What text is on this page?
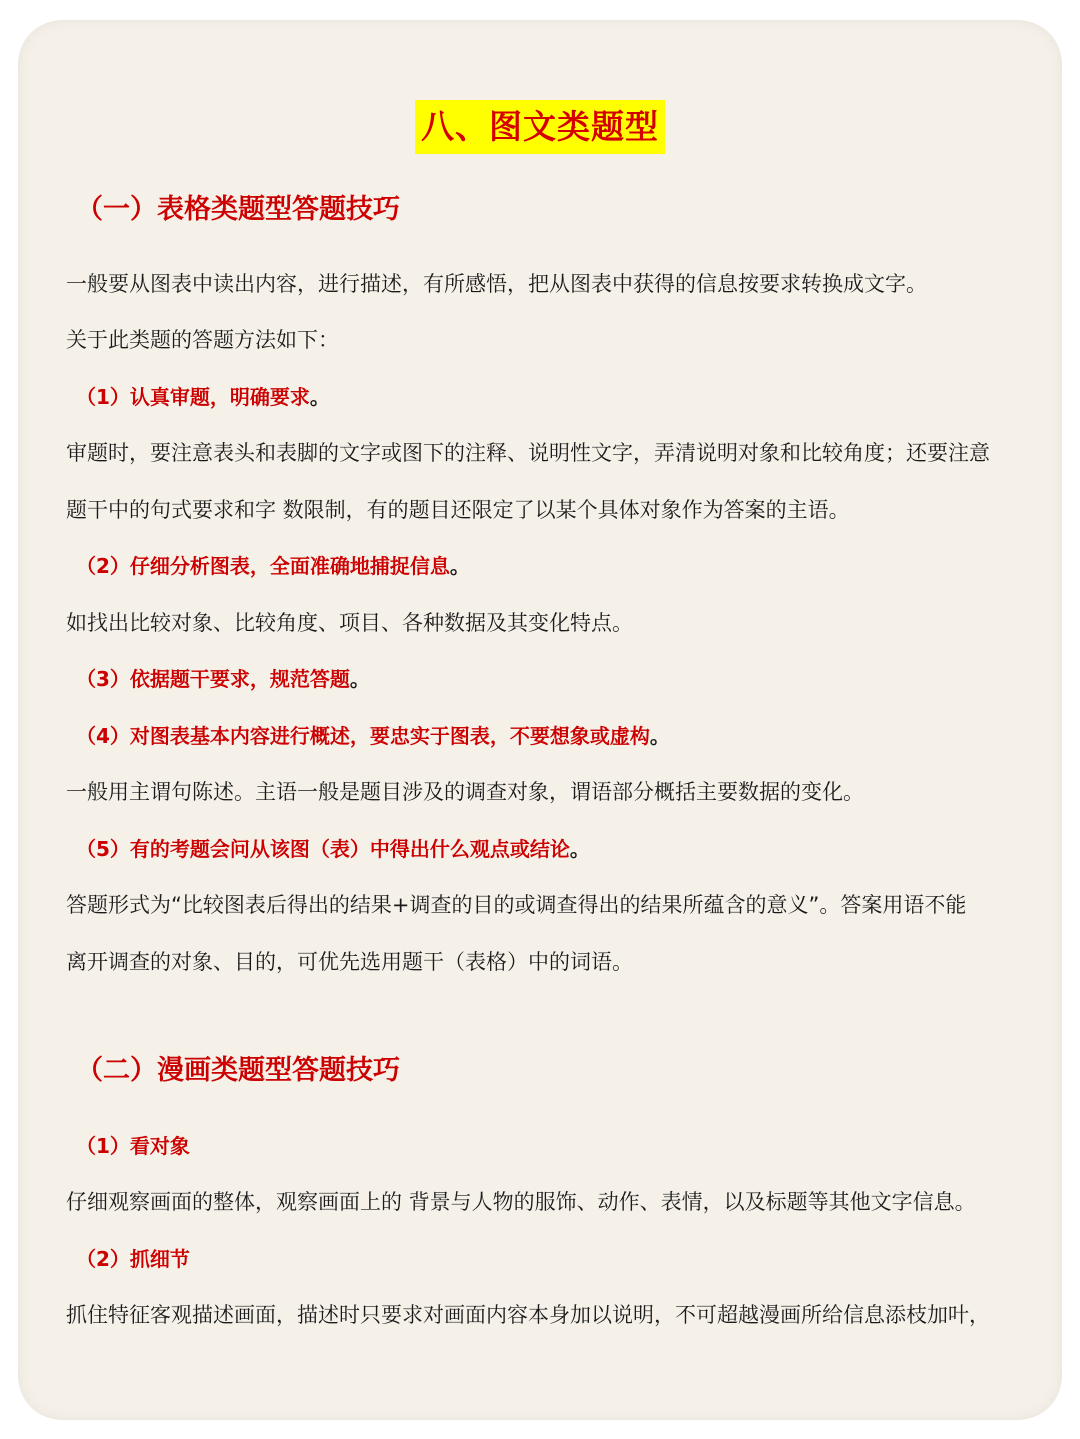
八、图文类题型
（一）表格类题型答题技巧
一般要从图表中读出内容，进行描述，有所感悟，把从图表中获得的信息按要求转换成文字。
关于此类题的答题方法如下：
（1）认真审题，明确要求。
审题时，要注意表头和表脚的文字或图下的注释、说明性文字，弄清说明对象和比较角度；还要注意
题干中的句式要求和字 数限制，有的题目还限定了以某个具体对象作为答案的主语。
（2）仔细分析图表，全面准确地捕捉信息。
如找出比较对象、比较角度、项目、各种数据及其变化特点。
（3）依据题干要求，规范答题。
（4）对图表基本内容进行概述，要忠实于图表，不要想象或虚构。
一般用主谓句陈述。主语一般是题目涉及的调查对象，谓语部分概括主要数据的变化。
（5）有的考题会问从该图（表）中得出什么观点或结论。
答题形式为“比较图表后得出的结果+调查的目的或调查得出的结果所蕴含的意义”。答案用语不能
离开调查的对象、目的，可优先选用题干（表格）中的词语。
（二）漫画类题型答题技巧
（1）看对象
仔细观察画面的整体，观察画面上的 背景与人物的服饰、动作、表情，以及标题等其他文字信息。
（2）抓细节
抓住特征客观描述画面，描述时只要求对画面内容本身加以说明，不可超越漫画所给信息添枝加叶，
